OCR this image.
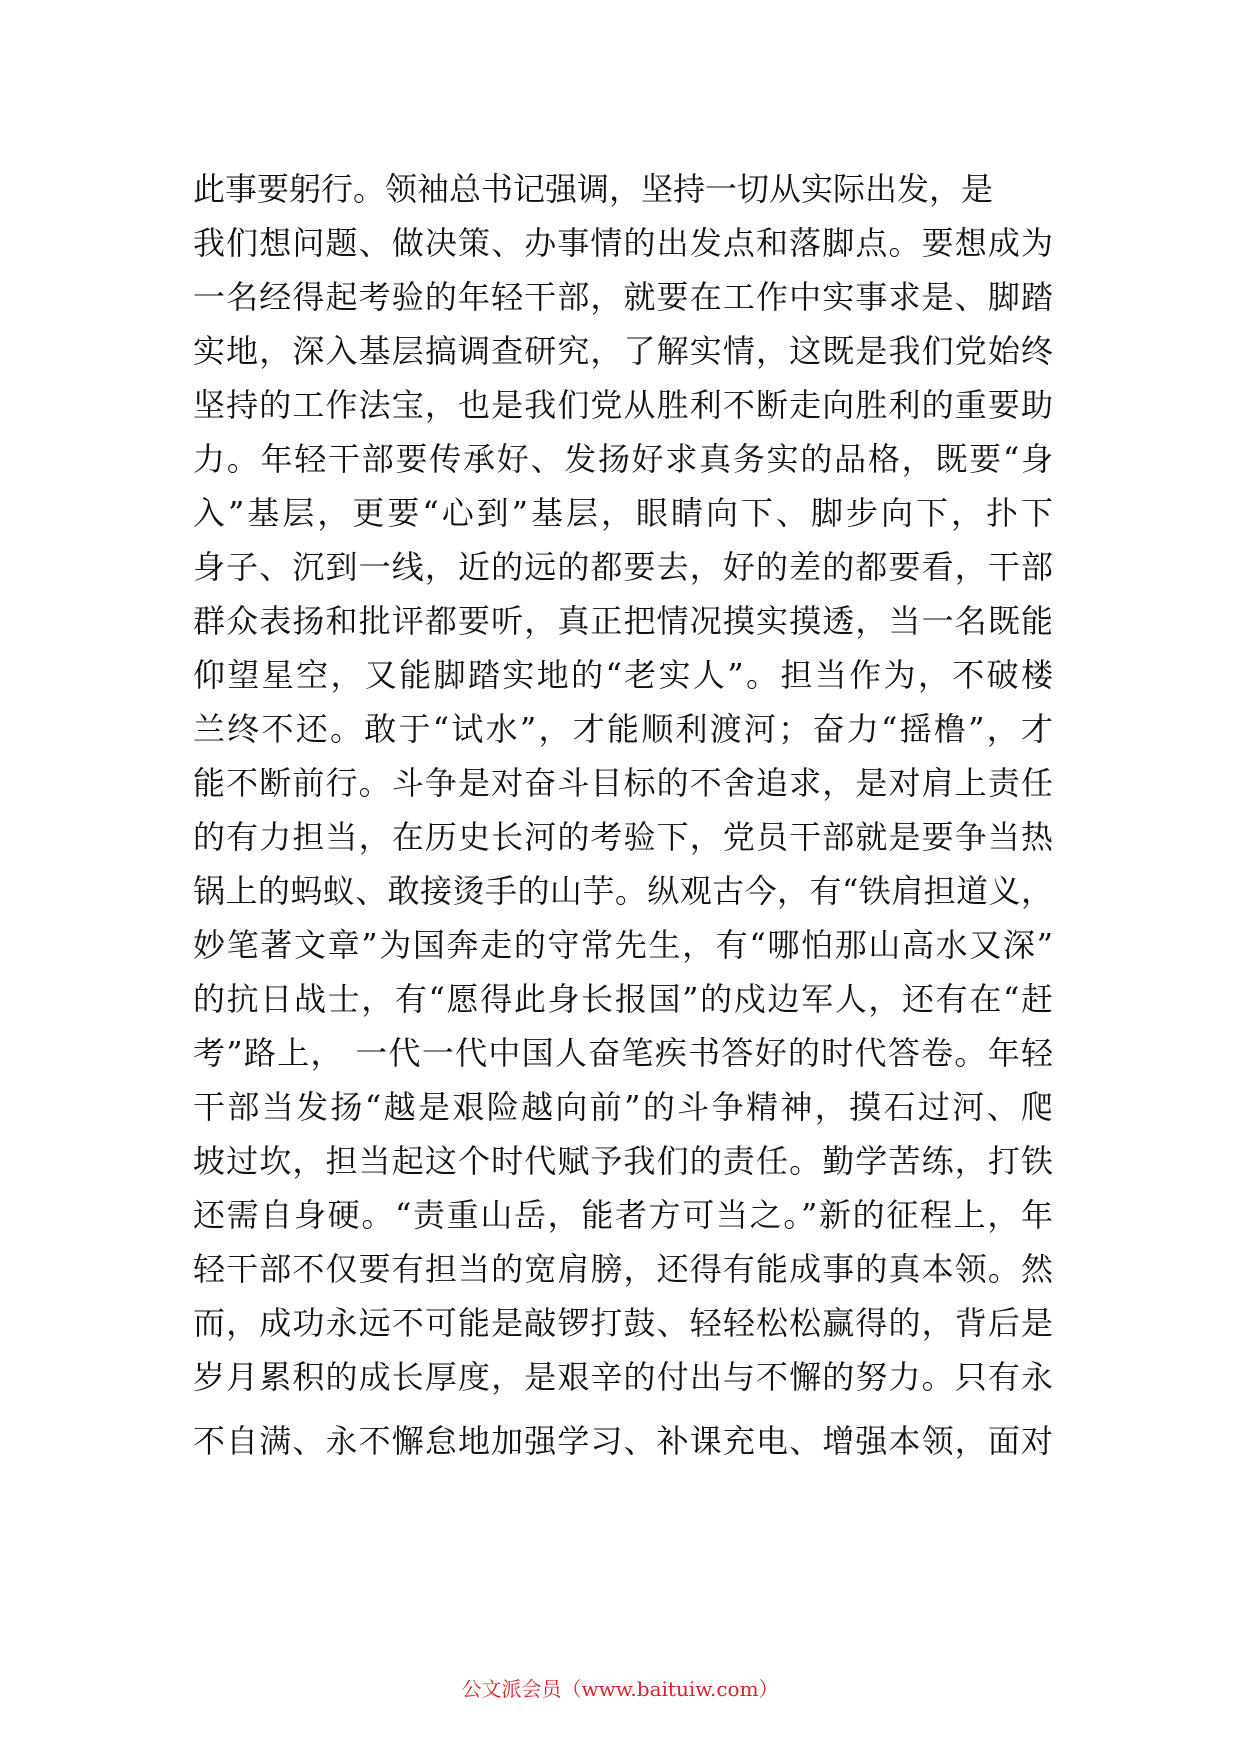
此事要躬行。领袖总书记强调，坚持一切从实际出发，是
我们想问题、做决策、办事情的出发点和落脚点。要想成为
一名经得起考验的年轻干部，就要在工作中实事求是、脚踏
实地，深入基层搞调查研究，了解实情，这既是我们党始终
坚持的工作法宝，也是我们党从胜利不断走向胜利的重要助
力。年轻干部要传承好、发扬好求真务实的品格，既要“身
入”基层，更要“心到”基层，眼睛向下、脚步向下，扑下
身子、沉到一线，近的远的都要去，好的差的都要看，干部
群众表扬和批评都要听，真正把情况摸实摸透，当一名既能
仰望星空，又能脚踏实地的“老实人”。担当作为，不破楼
兰终不还。敢于“试水”，才能顺利渡河；奋力“摇橹”，才
能不断前行。斗争是对奋斗目标的不舍追求，是对肩上责任
的有力担当，在历史长河的考验下，党员干部就是要争当热
锅上的蚂蚁、敢接烫手的山芋。纵观古今，有“铁肩担道义，
妙笔著文章”为国奔走的守常先生，有“哪怕那山高水又深”
的抗日战士，有“愿得此身长报国”的戍边军人，还有在“赶
考”路上， 一代一代中国人奋笔疾书答好的时代答卷。年轻
干部当发扬“越是艰险越向前”的斗争精神，摸石过河、爬
坡过坎，担当起这个时代赋予我们的责任。勤学苦练，打铁
还需自身硬。“责重山岳，能者方可当之。”新的征程上，年
轻干部不仅要有担当的宽肩膀，还得有能成事的真本领。然
而，成功永远不可能是敲锣打鼓、轻轻松松赢得的，背后是
岁月累积的成长厚度，是艰辛的付出与不懈的努力。只有永
不自满、永不懈怠地加强学习、补课充电、增强本领，面对
公文派会员（www.baituiw.com）
